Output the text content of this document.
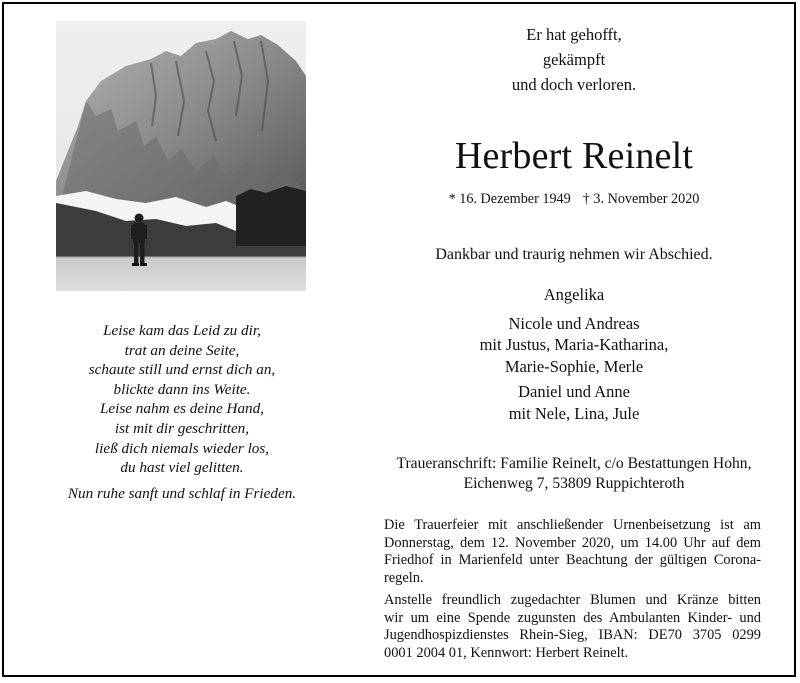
Leise kam das Leid zu dir,
trat an deine Seite,
schaute still und ernst dich an,
blickte dann ins Weite.
Leise nahm es deine Hand,
ist mit dir geschritten,
ließ dich niemals wieder los,
du hast viel gelitten.
Nun ruhe sanft und schlaf in Frieden.
Er hat gehofft,
gekämpft
und doch verloren.
Herbert Reinelt
* 16. Dezember 1949 † 3. November 2020
Dankbar und traurig nehmen wir Abschied.
Angelika
Nicole und Andreas
mit Justus, Maria-Katharina,
Marie-Sophie, Merle
Daniel und Anne
mit Nele, Lina, Jule
Traueranschrift: Familie Reinelt, c/o Bestattungen Hohn,
Eichenweg 7, 53809 Ruppichteroth
Die Trauerfeier mit anschließender Urnenbeisetzung ist am
Donnerstag, dem 12. November 2020, um 14.00 Uhr auf dem
Friedhof in Marienfeld unter Beachtung der gültigen Corona-
regeln.
Anstelle freundlich zugedachter Blumen und Kränze bitten
wir um eine Spende zugunsten des Ambulanten Kinder- und
Jugendhospizdienstes Rhein-Sieg, IBAN: DE70 3705 0299
0001 2004 01, Kennwort: Herbert Reinelt.
